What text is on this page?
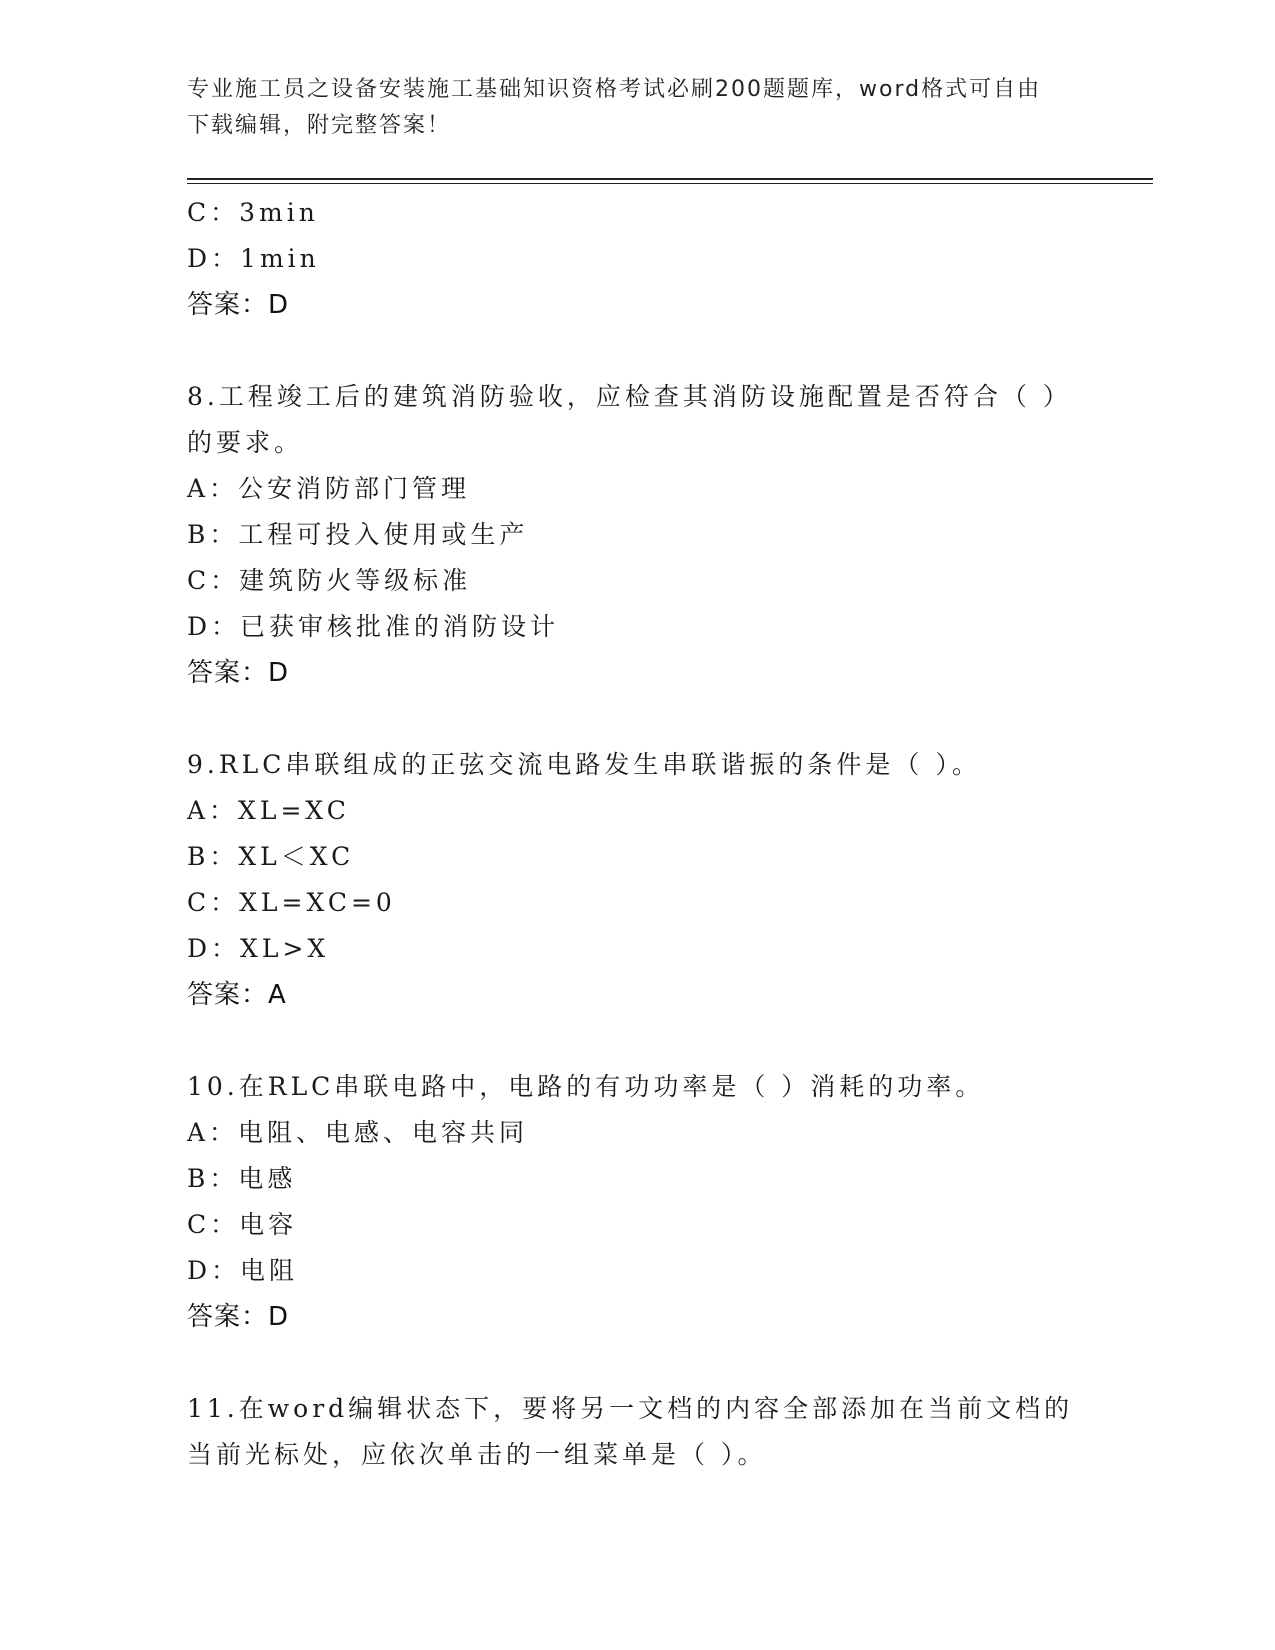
专业施工员之设备安装施工基础知识资格考试必刷200题题库，word格式可自由
下载编辑，附完整答案！
C：3min
D：1min
答案：D
8.工程竣工后的建筑消防验收，应检查其消防设施配置是否符合（ ）
的要求。
A：公安消防部门管理
B：工程可投入使用或生产
C：建筑防火等级标准
D：已获审核批准的消防设计
答案：D
9.RLC串联组成的正弦交流电路发生串联谐振的条件是（ ）。
A：XL=XC
B：XL＜XC
C：XL=XC=0
D：XL>X
答案：A
10.在RLC串联电路中，电路的有功功率是（ ）消耗的功率。
A：电阻、电感、电容共同
B：电感
C：电容
D：电阻
答案：D
11.在word编辑状态下，要将另一文档的内容全部添加在当前文档的
当前光标处，应依次单击的一组菜单是（ ）。
